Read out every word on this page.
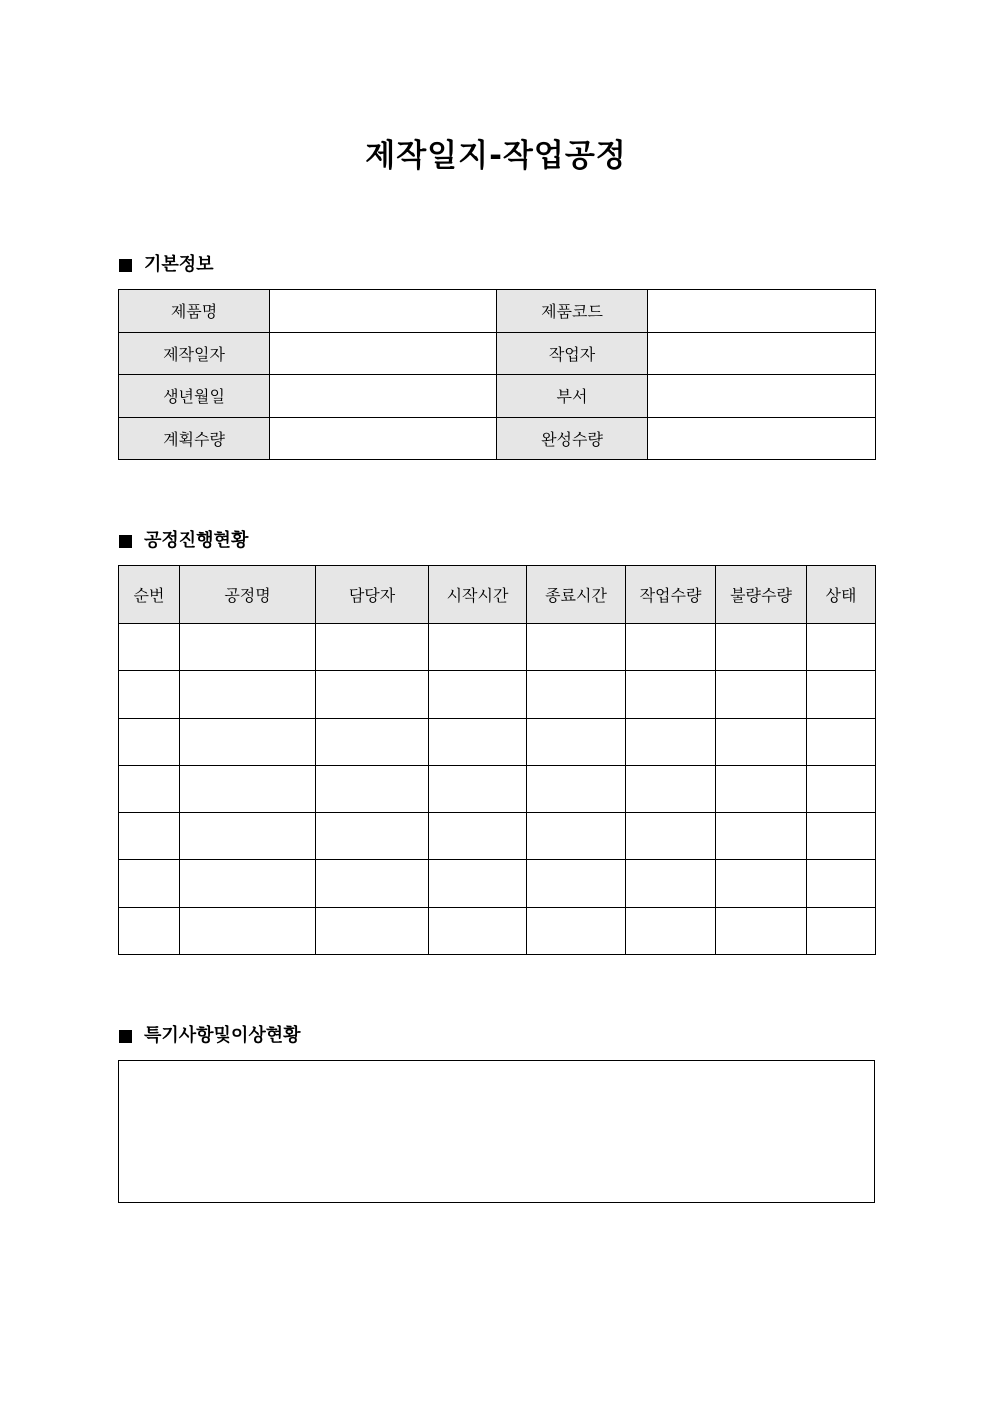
제작일지-작업공정
기본정보
제품명		제품코드	
제작일자		작업자	
생년월일		부서	
계획수량		완성수량	
공정진행현황
순번	공정명	담당자	시작시간	종료시간	작업수량	불량수량	상태

특기사항및이상현황
